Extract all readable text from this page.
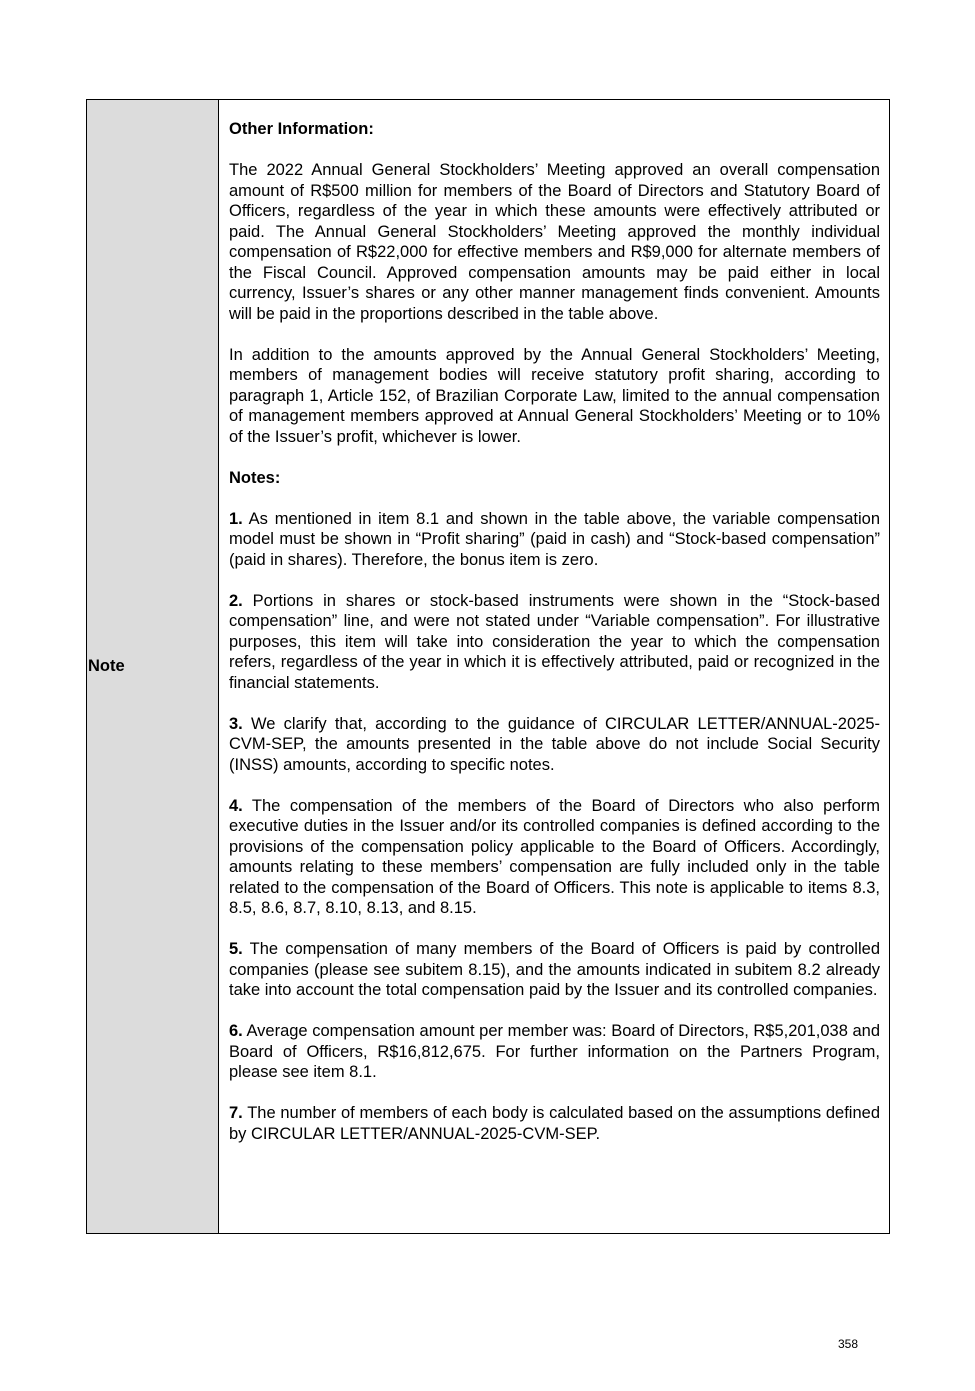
Note	

Other Information:

The 2022 Annual General Stockholders’ Meeting approved an overall compensation amount of R$500 million for members of the Board of Directors and Statutory Board of Officers, regardless of the year in which these amounts were effectively attributed or paid. The Annual General Stockholders’ Meeting approved the monthly individual compensation of R$22,000 for effective members and R$9,000 for alternate members of the Fiscal Council. Approved compensation amounts may be paid either in local currency, Issuer’s shares or any other manner management finds convenient. Amounts will be paid in the proportions described in the table above.

In addition to the amounts approved by the Annual General Stockholders’ Meeting, members of management bodies will receive statutory profit sharing, according to paragraph 1, Article 152, of Brazilian Corporate Law, limited to the annual compensation of management members approved at Annual General Stockholders’ Meeting or to 10% of the Issuer’s profit, whichever is lower.

Notes:

1. As mentioned in item 8.1 and shown in the table above, the variable compensation model must be shown in “Profit sharing” (paid in cash) and “Stock-based compensation” (paid in shares). Therefore, the bonus item is zero.

2. Portions in shares or stock-based instruments were shown in the “Stock-based compensation” line, and were not stated under “Variable compensation”. For illustrative purposes, this item will take into consideration the year to which the compensation refers, regardless of the year in which it is effectively attributed, paid or recognized in the financial statements.

3. We clarify that, according to the guidance of CIRCULAR LETTER/ANNUAL-2025-CVM-SEP, the amounts presented in the table above do not include Social Security (INSS) amounts, according to specific notes.

4. The compensation of the members of the Board of Directors who also perform executive duties in the Issuer and/or its controlled companies is defined according to the provisions of the compensation policy applicable to the Board of Officers. Accordingly, amounts relating to these members’ compensation are fully included only in the table related to the compensation of the Board of Officers. This note is applicable to items 8.3, 8.5, 8.6, 8.7, 8.10, 8.13, and 8.15.

5. The compensation of many members of the Board of Officers is paid by controlled companies (please see subitem 8.15), and the amounts indicated in subitem 8.2 already take into account the total compensation paid by the Issuer and its controlled companies.

6. Average compensation amount per member was: Board of Directors, R$5,201,038 and Board of Officers, R$16,812,675. For further information on the Partners Program, please see item 8.1.

7. The number of members of each body is calculated based on the assumptions defined by CIRCULAR LETTER/ANNUAL-2025-CVM-SEP.

358
